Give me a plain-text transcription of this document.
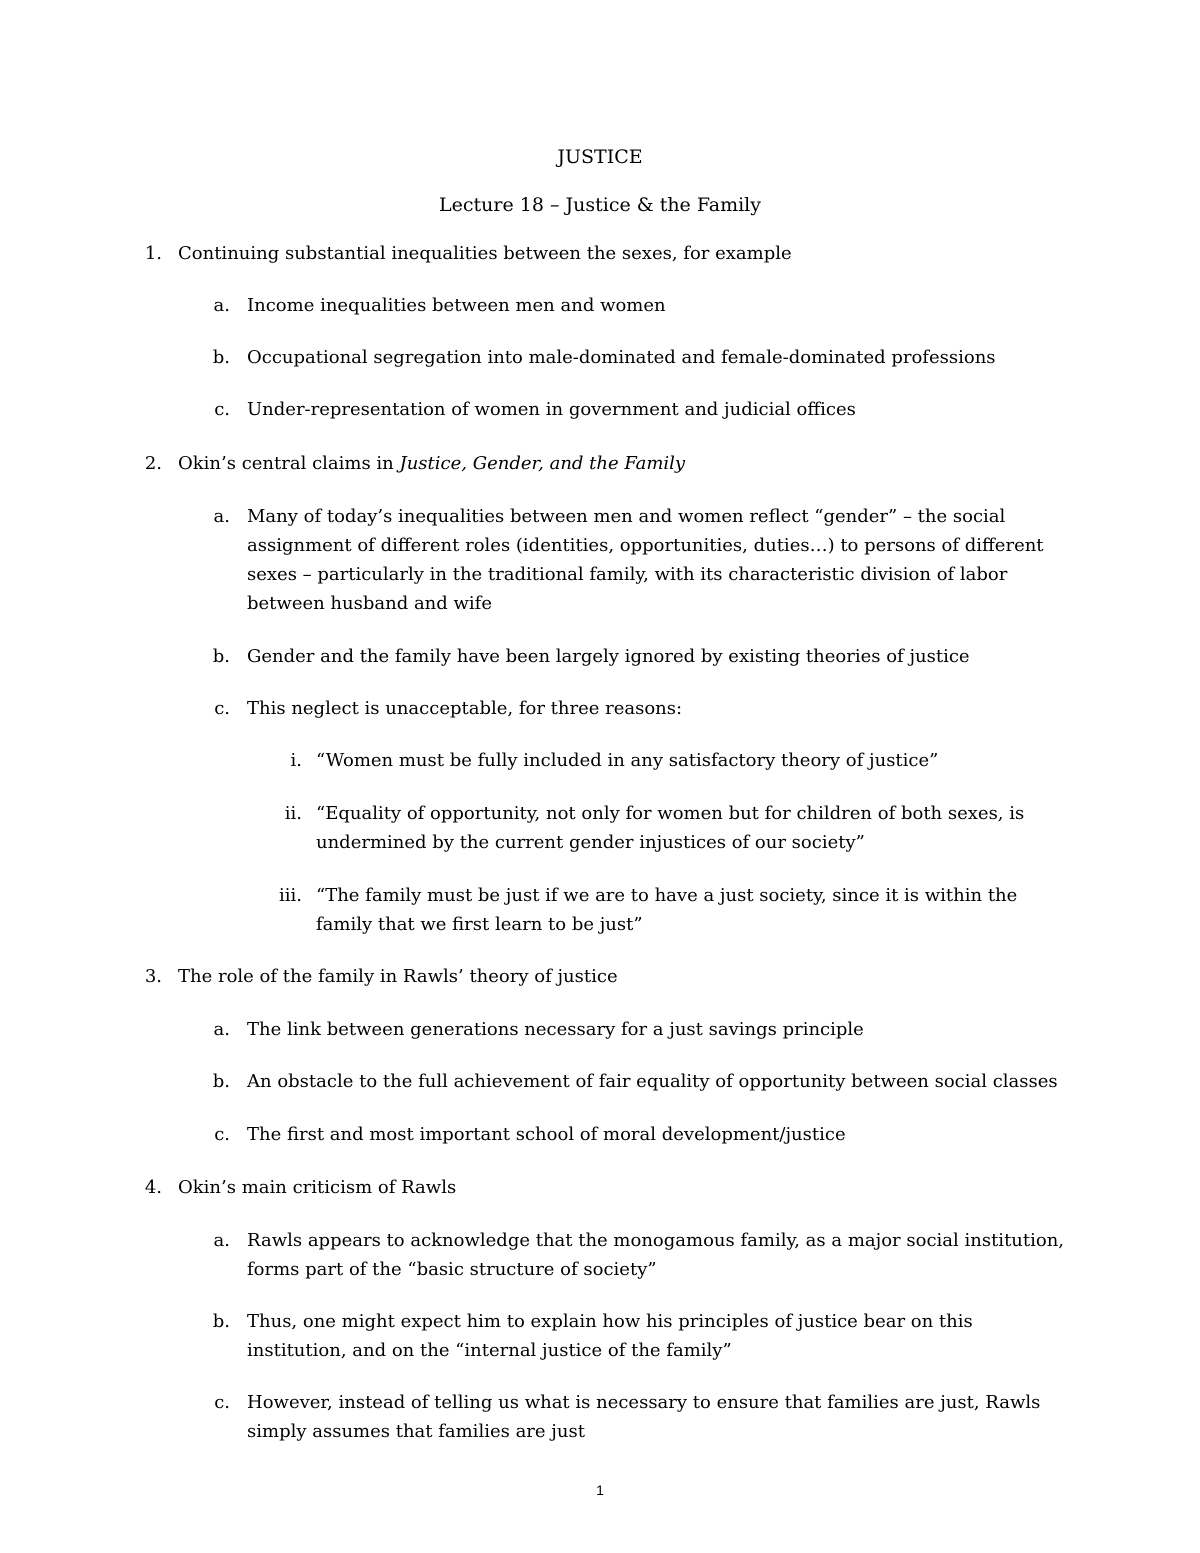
JUSTICE
Lecture 18 – Justice & the Family
1. Continuing substantial inequalities between the sexes, for example
a. Income inequalities between men and women
b. Occupational segregation into male-dominated and female-dominated professions
c. Under-representation of women in government and judicial offices
2. Okin’s central claims in Justice, Gender, and the Family
a. Many of today’s inequalities between men and women reflect “gender” – the social assignment of different roles (identities, opportunities, duties…) to persons of different sexes – particularly in the traditional family, with its characteristic division of labor between husband and wife
b. Gender and the family have been largely ignored by existing theories of justice
c. This neglect is unacceptable, for three reasons:
i. “Women must be fully included in any satisfactory theory of justice”
ii. “Equality of opportunity, not only for women but for children of both sexes, is undermined by the current gender injustices of our society”
iii. “The family must be just if we are to have a just society, since it is within the family that we first learn to be just”
3. The role of the family in Rawls’ theory of justice
a. The link between generations necessary for a just savings principle
b. An obstacle to the full achievement of fair equality of opportunity between social classes
c. The first and most important school of moral development/justice
4. Okin’s main criticism of Rawls
a. Rawls appears to acknowledge that the monogamous family, as a major social institution, forms part of the “basic structure of society”
b. Thus, one might expect him to explain how his principles of justice bear on this institution, and on the “internal justice of the family”
c. However, instead of telling us what is necessary to ensure that families are just, Rawls simply assumes that families are just
1
